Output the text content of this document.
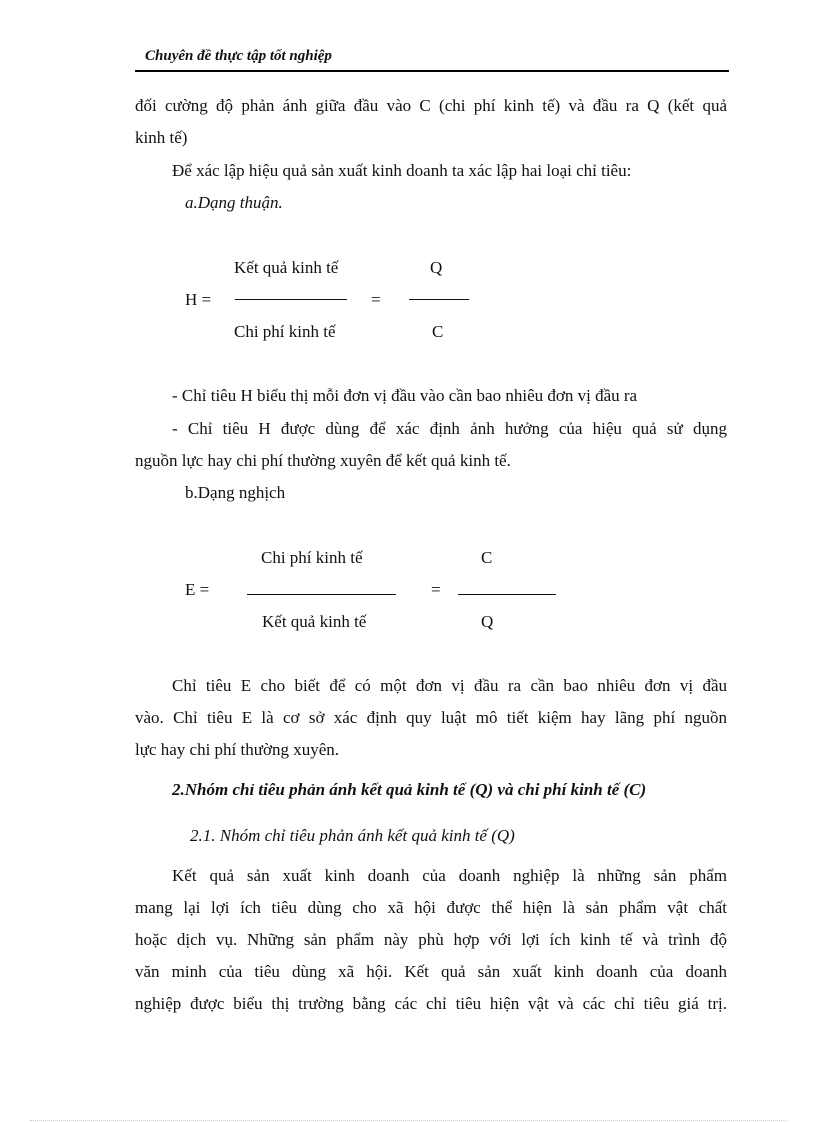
Chuyên đề thực tập tốt nghiệp
đối cường độ phản ánh giữa đầu vào C (chi phí kinh tế) và đầu ra Q (kết quả
kinh tế)
Để xác lập hiệu quả sản xuất kinh doanh ta xác lập hai loại chỉ tiêu:
a.Dạng thuận.
Kết quả kinh tế	Q
H =	=
Chi phí kinh tế	C
- Chỉ tiêu H biểu thị mỗi đơn vị đầu vào cần bao nhiêu đơn vị đầu ra
- Chỉ tiêu H được dùng để xác định ảnh hưởng của hiệu quả sử dụng
nguồn lực hay chi phí thường xuyên để kết quả kinh tế.
b.Dạng nghịch
Chi phí kinh tế	C
E =	=
Kết quả kinh tế	Q
Chỉ tiêu E cho biết để có một đơn vị đầu ra cần bao nhiêu đơn vị đầu
vào. Chỉ tiêu E là cơ sở xác định quy luật mô tiết kiệm hay lãng phí nguồn
lực hay chi phí thường xuyên.
2.Nhóm chỉ tiêu phản ánh kết quả kinh tế (Q) và chi phí kinh tế (C)
2.1. Nhóm chỉ tiêu phản ánh kết quả kinh tế (Q)
Kết quả sản xuất kinh doanh của doanh nghiệp là những sản phẩm
mang lại lợi ích tiêu dùng cho xã hội được thể hiện là sản phẩm vật chất
hoặc dịch vụ. Những sản phẩm này phù hợp với lợi ích kinh tế và trình độ
văn minh của tiêu dùng xã hội. Kết quả sản xuất kinh doanh của doanh
nghiệp được biểu thị trường bằng các chỉ tiêu hiện vật và các chỉ tiêu giá trị.
